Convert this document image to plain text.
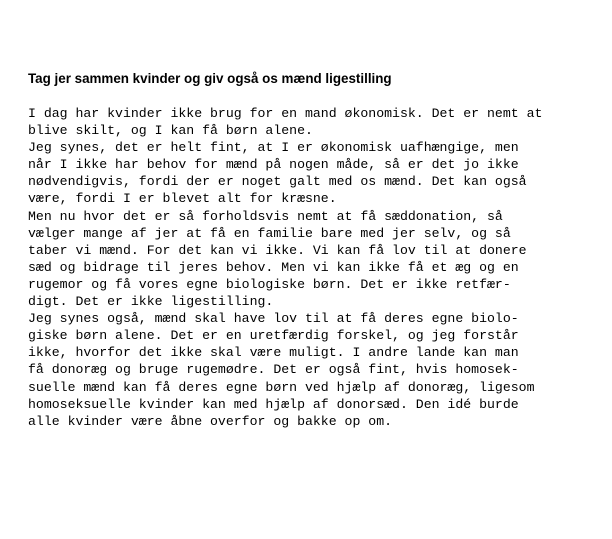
Tag jer sammen kvinder og giv også os mænd ligestilling
I dag har kvinder ikke brug for en mand økonomisk. Det er nemt at
blive skilt, og I kan få børn alene.
Jeg synes, det er helt fint, at I er økonomisk uafhængige, men
når I ikke har behov for mænd på nogen måde, så er det jo ikke
nødvendigvis, fordi der er noget galt med os mænd. Det kan også
være, fordi I er blevet alt for kræsne.
Men nu hvor det er så forholdsvis nemt at få sæddonation, så
vælger mange af jer at få en familie bare med jer selv, og så
taber vi mænd. For det kan vi ikke. Vi kan få lov til at donere
sæd og bidrage til jeres behov. Men vi kan ikke få et æg og en
rugemor og få vores egne biologiske børn. Det er ikke retfær-
digt. Det er ikke ligestilling.
Jeg synes også, mænd skal have lov til at få deres egne biolo-
giske børn alene. Det er en uretfærdig forskel, og jeg forstår
ikke, hvorfor det ikke skal være muligt. I andre lande kan man
få donoræg og bruge rugemødre. Det er også fint, hvis homosek-
suelle mænd kan få deres egne børn ved hjælp af donoræg, ligesom
homoseksuelle kvinder kan med hjælp af donorsæd. Den idé burde
alle kvinder være åbne overfor og bakke op om.
